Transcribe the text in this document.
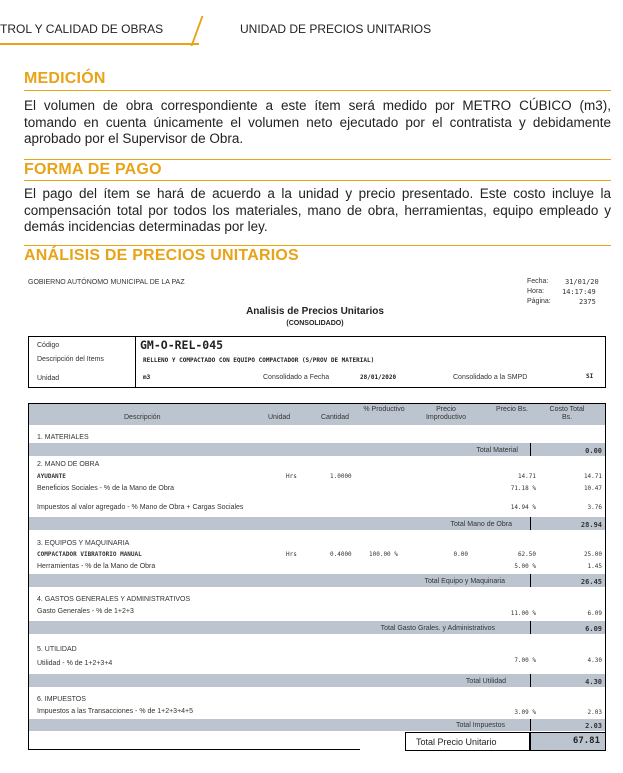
TROL Y CALIDAD DE OBRAS	UNIDAD DE PRECIOS UNITARIOS
MEDICIÓN
El volumen de obra correspondiente a este ítem será medido por METRO CÚBICO (m3), tomando en cuenta únicamente el volumen neto ejecutado por el contratista y debidamente aprobado por el Supervisor de Obra.
FORMA DE PAGO
El pago del ítem se hará de acuerdo a la unidad y precio presentado. Este costo incluye la compensación total por todos los materiales, mano de obra, herramientas, equipo empleado y demás incidencias determinadas por ley.
ANÁLISIS DE PRECIOS UNITARIOS
GOBIERNO AUTÓNOMO MUNICIPAL DE LA PAZ	Fecha: 31/01/20
Hora:	14:17:49
Página:	2375
Analisis de Precios Unitarios
(CONSOLIDADO)
Código	GM-O-REL-045
Descripción del Items	RELLENO Y COMPACTADO CON EQUIPO COMPACTADOR (S/PROV DE MATERIAL)
Unidad	m3	Consolidado a Fecha	28/01/2020	Consolidado a la SMPD	SI
Descripción	Unidad	Cantidad
% Productivo	Precio Improductivo
Precio Bs.	Costo Total Bs.
1. MATERIALES
Total Material	0.00
2. MANO DE OBRA
AYUDANTE	Hrs	1.0000	14.71	14.71
Beneficios Sociales - % de la Mano de Obra	71.18 %	10.47
Impuestos al valor agregado - % Mano de Obra + Cargas Sociales	14.94 %	3.76
Total Mano de Obra	28.94
3. EQUIPOS Y MAQUINARIA
COMPACTADOR VIBRATORIO MANUAL	Hrs	0.4000	100.00 %	0.00	62.50	25.00
Herramientas - % de la Mano de Obra	5.00 %	1.45
Total Equipo y Maquinaria	26.45
4. GASTOS GENERALES Y ADMINISTRATIVOS
Gasto Generales - % de 1+2+3	11.00 %	6.09
Total Gasto Grales. y Administrativos	6.09
5. UTILIDAD
Utilidad - % de 1+2+3+4	7.00 %	4.30
Total Utilidad	4.30
6. IMPUESTOS
Impuestos a las Transacciones - % de 1+2+3+4+5	3.09 %	2.03
Total Impuestos	2.03
Total Precio Unitario	67.81
